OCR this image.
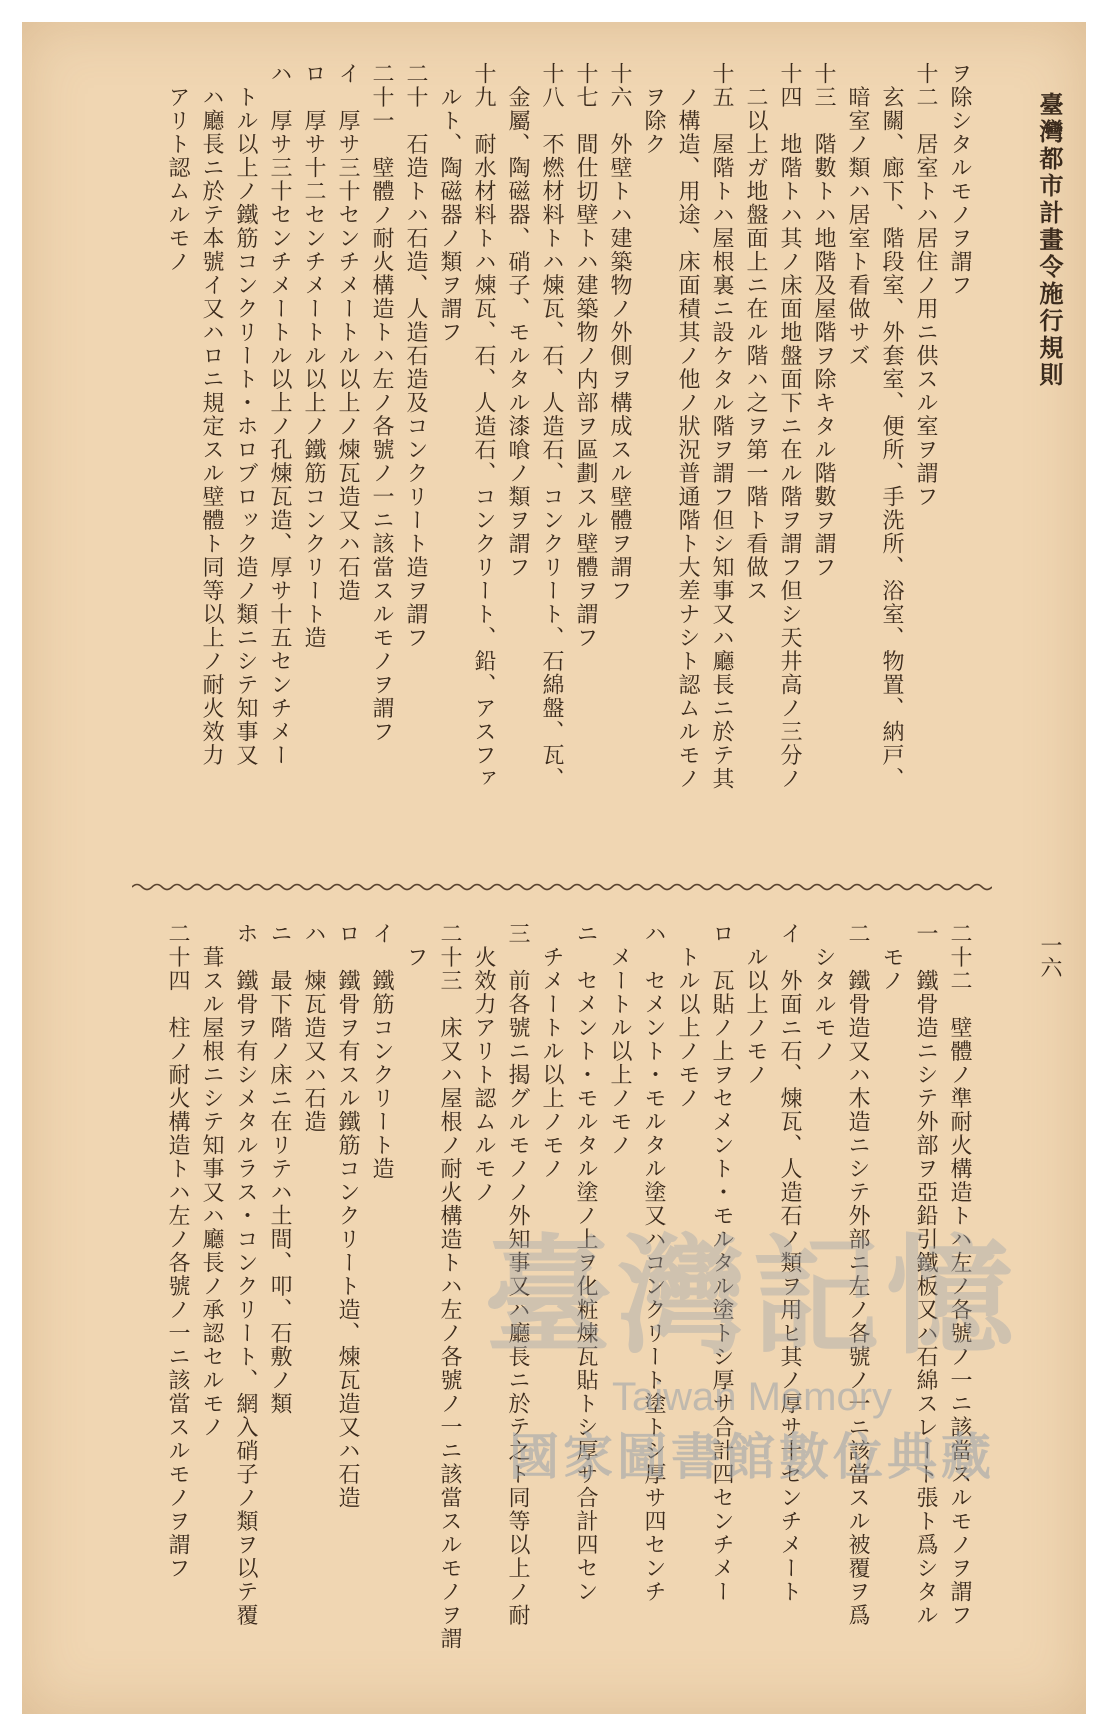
臺灣都市計畫令施行規則
ヲ除シタルモノヲ謂フ
十二　居室トハ居住ノ用ニ供スル室ヲ謂フ
　玄關、廊下、階段室、外套室、便所、手洗所、浴室、物置、納戸、
　暗室ノ類ハ居室ト看做サズ
十三　階數トハ地階及屋階ヲ除キタル階數ヲ謂フ
十四　地階トハ其ノ床面地盤面下ニ在ル階ヲ謂フ但シ天井高ノ三分ノ
　二以上ガ地盤面上ニ在ル階ハ之ヲ第一階ト看做ス
十五　屋階トハ屋根裏ニ設ケタル階ヲ謂フ但シ知事又ハ廳長ニ於テ其
　ノ構造、用途、床面積其ノ他ノ狀況普通階ト大差ナシト認ムルモノ
　ヲ除ク
十六　外壁トハ建築物ノ外側ヲ構成スル壁體ヲ謂フ
十七　間仕切壁トハ建築物ノ内部ヲ區劃スル壁體ヲ謂フ
十八　不燃材料トハ煉瓦、石、人造石、コンクリート、石綿盤、瓦、
　金屬、陶磁器、硝子、モルタル漆喰ノ類ヲ謂フ
十九　耐水材料トハ煉瓦、石、人造石、コンクリート、鉛、アスファ
　ルト、陶磁器ノ類ヲ謂フ
二十　石造トハ石造、人造石造及コンクリート造ヲ謂フ
二十一　壁體ノ耐火構造トハ左ノ各號ノ一ニ該當スルモノヲ謂フ
イ　厚サ三十センチメートル以上ノ煉瓦造又ハ石造
ロ　厚サ十二センチメートル以上ノ鐵筋コンクリート造
ハ　厚サ三十センチメートル以上ノ孔煉瓦造、厚サ十五センチメー
　トル以上ノ鐵筋コンクリート・ホロブロック造ノ類ニシテ知事又
　ハ廳長ニ於テ本號イ又ハロニ規定スル壁體ト同等以上ノ耐火效力
　アリト認ムルモノ
一六
二十二　壁體ノ準耐火構造トハ左ノ各號ノ一ニ該當スルモノヲ謂フ
一　鐵骨造ニシテ外部ヲ亞鉛引鐵板又ハ石綿スレート張ト爲シタル
　モノ
二　鐵骨造又ハ木造ニシテ外部ニ左ノ各號ノ一ニ該當スル被覆ヲ爲
　シタルモノ
イ　外面ニ石、煉瓦、人造石ノ類ヲ用ヒ其ノ厚サ十センチメート
　ル以上ノモノ
ロ　瓦貼ノ上ヲセメント・モルタル塗トシ厚サ合計四センチメー
　トル以上ノモノ
ハ　セメント・モルタル塗又ハコンクリート塗トシ厚サ四センチ
　メートル以上ノモノ
ニ　セメント・モルタル塗ノ上ヲ化粧煉瓦貼トシ厚サ合計四セン
　チメートル以上ノモノ
三　前各號ニ揭グルモノノ外知事又ハ廳長ニ於テ之ト同等以上ノ耐
　火效力アリト認ムルモノ
二十三　床又ハ屋根ノ耐火構造トハ左ノ各號ノ一ニ該當スルモノヲ謂
　フ
イ　鐵筋コンクリート造
ロ　鐵骨ヲ有スル鐵筋コンクリート造、煉瓦造又ハ石造
ハ　煉瓦造又ハ石造
ニ　最下階ノ床ニ在リテハ土間、叩、石敷ノ類
ホ　鐵骨ヲ有シメタルラス・コンクリート、網入硝子ノ類ヲ以テ覆
　葺スル屋根ニシテ知事又ハ廳長ノ承認セルモノ
二十四　柱ノ耐火構造トハ左ノ各號ノ一ニ該當スルモノヲ謂フ 臺灣記憶
Taiwan Memory
國家圖書館數位典藏
